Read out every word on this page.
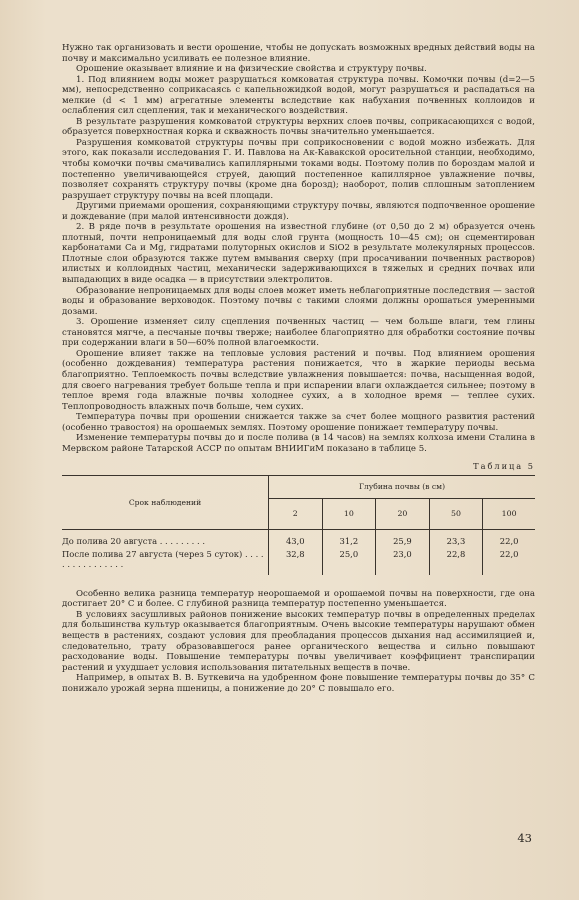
Нужно так организовать и вести орошение, чтобы не допускать возможных вредных действий воды на почву и максимально усиливать ее полезное влияние.

Орошение оказывает влияние и на физические свойства и структуру почвы.

1. Под влиянием воды может разрушаться комковатая структура почвы. Комочки почвы (d=2—5 мм), непосредственно соприкасаясь с капельножидкой водой, могут разрушаться и распадаться на мелкие (d < 1 мм) агрегатные элементы вследствие как набухания почвенных коллоидов и ослабления сил сцепления, так и механического воздействия.

В результате разрушения комковатой структуры верхних слоев почвы, соприкасающихся с водой, образуется поверхностная корка и скважность почвы значительно уменьшается.

Разрушения комковатой структуры почвы при соприкосновении с водой можно избежать. Для этого, как показали исследования Г. И. Павлова на Ак-Кавакской оросительной станции, необходимо, чтобы комочки почвы смачивались капиллярными токами воды. Поэтому полив по бороздам малой и постепенно увеличивающейся струей, дающий постепенное капиллярное увлажнение почвы, позволяет сохранять структуру почвы (кроме дна борозд); наоборот, полив сплошным затоплением разрушает структуру почвы на всей площади.

Другими приемами орошения, сохраняющими структуру почвы, являются подпочвенное орошение и дождевание (при малой интенсивности дождя).

2. В ряде почв в результате орошения на известной глубине (от 0,50 до 2 м) образуется очень плотный, почти непроницаемый для воды слой грунта (мощность 10—45 см); он сцементирован карбонатами Ca и Mg, гидратами полуторных окислов и SiO2 в результате молекулярных процессов. Плотные слои образуются также путем вмывания сверху (при просачивании почвенных растворов) илистых и коллоидных частиц, механически задерживающихся в тяжелых и средних почвах или выпадающих в виде осадка — в присутствии электролитов.

Образование непроницаемых для воды слоев может иметь неблагоприятные последствия — застой воды и образование верховодок. Поэтому почвы с такими слоями должны орошаться умеренными дозами.

3. Орошение изменяет силу сцепления почвенных частиц — чем больше влаги, тем глины становятся мягче, а песчаные почвы тверже; наиболее благоприятно для обработки состояние почвы при содержании влаги в 50—60% полной влагоемкости.

Орошение влияет также на тепловые условия растений и почвы. Под влиянием орошения (особенно дождевания) температура растения понижается, что в жаркие периоды весьма благоприятно. Теплоемкость почвы вследствие увлажнения повышается: почва, насыщенная водой, для своего нагревания требует больше тепла и при испарении влаги охлаждается сильнее; поэтому в теплое время года влажные почвы холоднее сухих, а в холодное время — теплее сухих. Теплопроводность влажных почв больше, чем сухих.

Температура почвы при орошении снижается также за счет более мощного развития растений (особенно травостоя) на орошаемых землях. Поэтому орошение понижает температуру почвы.

Изменение температуры почвы до и после полива (в 14 часов) на землях колхоза имени Сталина в Мервском районе Татарской АССР по опытам ВНИИГиМ показано в таблице 5.

Таблица 5
Срок наблюдений	Глубина почвы (в см)				
	2	10	20	50	100
До полива 20 августа . . . . . . . . .	43,0	31,2	25,9	23,3	22,0
После полива 27 августа (через 5 суток) . . . . . . . . . . . . . . . .	32,8	25,0	23,0	22,8	22,0

Особенно велика разница температур неорошаемой и орошаемой почвы на поверхности, где она достигает 20° C и более. С глубиной разница температур постепенно уменьшается.

В условиях засушливых районов понижение высоких температур почвы в определенных пределах для большинства культур оказывается благоприятным. Очень высокие температуры нарушают обмен веществ в растениях, создают условия для преобладания процессов дыхания над ассимиляцией и, следовательно, трату образовавшегося ранее органического вещества и сильно повышают расходование воды. Повышение температуры почвы увеличивает коэффициент транспирации растений и ухудшает условия использования питательных веществ в почве.

Например, в опытах В. В. Буткевича на удобренном фоне повышение температуры почвы до 35° C понижало урожай зерна пшеницы, а понижение до 20° C повышало его.

43
